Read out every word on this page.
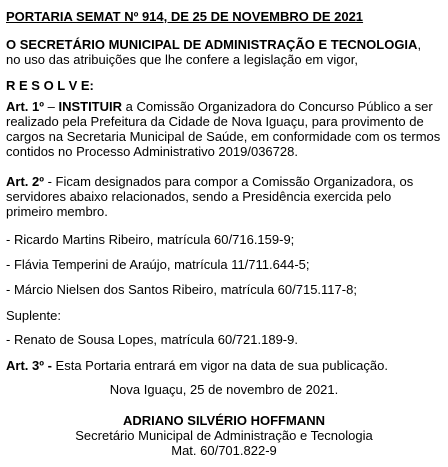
PORTARIA SEMAT Nº 914, DE 25 DE NOVEMBRO DE 2021
O SECRETÁRIO MUNICIPAL DE ADMINISTRAÇÃO E TECNOLOGIA,
no uso das atribuições que lhe confere a legislação em vigor,
R E S O L V E:
Art. 1º – INSTITUIR a Comissão Organizadora do Concurso Público a ser
realizado pela Prefeitura da Cidade de Nova Iguaçu, para provimento de
cargos na Secretaria Municipal de Saúde, em conformidade com os termos
contidos no Processo Administrativo 2019/036728.
Art. 2º - Ficam designados para compor a Comissão Organizadora, os
servidores abaixo relacionados, sendo a Presidência exercida pelo
primeiro membro.
- Ricardo Martins Ribeiro, matrícula 60/716.159-9;
- Flávia Temperini de Araújo, matrícula 11/711.644-5;
- Márcio Nielsen dos Santos Ribeiro, matrícula 60/715.117-8;
Suplente:
- Renato de Sousa Lopes, matrícula 60/721.189-9.
Art. 3º - Esta Portaria entrará em vigor na data de sua publicação.
Nova Iguaçu, 25 de novembro de 2021.
ADRIANO SILVÉRIO HOFFMANN
Secretário Municipal de Administração e Tecnologia
Mat. 60/701.822-9
